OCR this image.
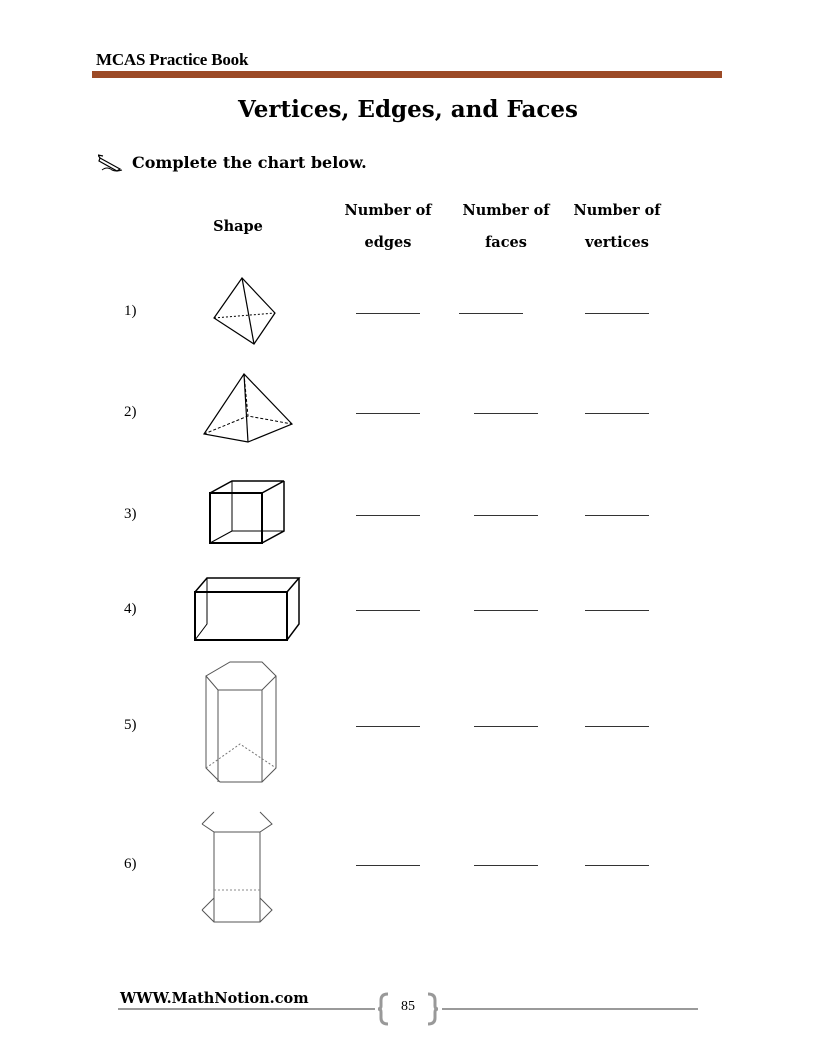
MCAS Practice Book
Vertices, Edges, and Faces
Complete the chart below.
Shape
Number of
edges
Number of
faces
Number of
vertices
1)
2)
3)
4)
5)
6)
WWW.MathNotion.com	85
